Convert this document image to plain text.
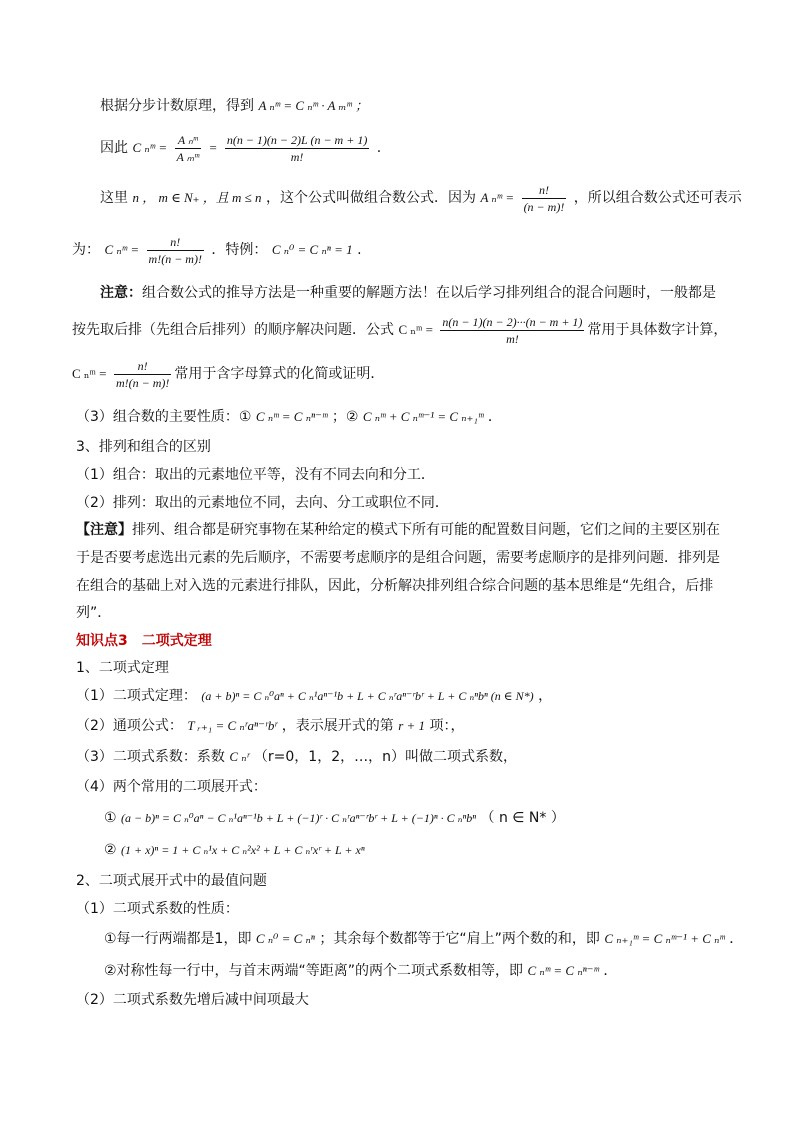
根据分步计数原理，得到 A ₙᵐ = C ₙᵐ · A ₘᵐ ；
因此 C ₙᵐ = $\frac{\text{A ₙᵐ}}{\text{A ₘᵐ}} = \frac{n(n - 1)(n - 2)L (n - m + 1)}{m!}$ .
这里 n ， m ∈ N₊ ，且 m ≤ n ，这个公式叫做组合数公式．因为 A ₙᵐ = $\frac{n!}{(n - m)!}$ ，所以组合数公式还可表示
为： C ₙᵐ = $\frac{n!}{m!(n - m)!}$ ．特例： C ₙ⁰ = C ₙⁿ = 1 .
注意：组合数公式的推导方法是一种重要的解题方法！在以后学习排列组合的混合问题时，一般都是
按先取后排（先组合后排列）的顺序解决问题．公式 C ₙᵐ = $\frac{n(n - 1)(n - 2)\cdot\cdot\cdot(n - m + 1)}{m!}$ 常用于具体数字计算，
C ₙᵐ = $\frac{n!}{m!(n - m)!}$ 常用于含字母算式的化简或证明．
（3）组合数的主要性质：① C ₙᵐ = C ₙⁿ⁻ᵐ ；② C ₙᵐ + C ₙᵐ⁻¹ = C ₙ₊₁ᵐ ．
3、排列和组合的区别
（1）组合：取出的元素地位平等，没有不同去向和分工．
（2）排列：取出的元素地位不同，去向、分工或职位不同．
【注意】排列、组合都是研究事物在某种给定的模式下所有可能的配置数目问题，它们之间的主要区别在
于是否要考虑选出元素的先后顺序，不需要考虑顺序的是组合问题，需要考虑顺序的是排列问题．排列是
在组合的基础上对入选的元素进行排队，因此，分析解决排列组合综合问题的基本思维是“先组合，后排
列”．
知识点3　二项式定理
1、二项式定理
（1）二项式定理： (a + b)ⁿ = C ₙ⁰aⁿ + C ₙ¹aⁿ⁻¹b + L + C ₙʳaⁿ⁻ʳbʳ + L + C ₙⁿbⁿ (n ∈ N*) ，
（2）通项公式： T ᵣ₊₁ = C ₙʳaⁿ⁻ʳbʳ ，表示展开式的第 r + 1 项：，
（3）二项式系数：系数 C ₙʳ （r=0，1，2，…，n）叫做二项式系数，
（4）两个常用的二项展开式：
① (a − b)ⁿ = C ₙ⁰aⁿ − C ₙ¹aⁿ⁻¹b + L + (−1)ʳ · C ₙʳaⁿ⁻ʳbʳ + L + (−1)ⁿ · C ₙⁿbⁿ （ n ∈ N* ）
② (1 + x)ⁿ = 1 + C ₙ¹x + C ₙ²x² + L + C ₙʳxʳ + L + xⁿ
2、二项式展开式中的最值问题
（1）二项式系数的性质：
①每一行两端都是1，即 C ₙ⁰ = C ₙⁿ ；其余每个数都等于它“肩上”两个数的和，即 C ₙ₊₁ᵐ = C ₙᵐ⁻¹ + C ₙᵐ ．
②对称性每一行中，与首末两端“等距离”的两个二项式系数相等，即 C ₙᵐ = C ₙⁿ⁻ᵐ ．
（2）二项式系数先增后减中间项最大
